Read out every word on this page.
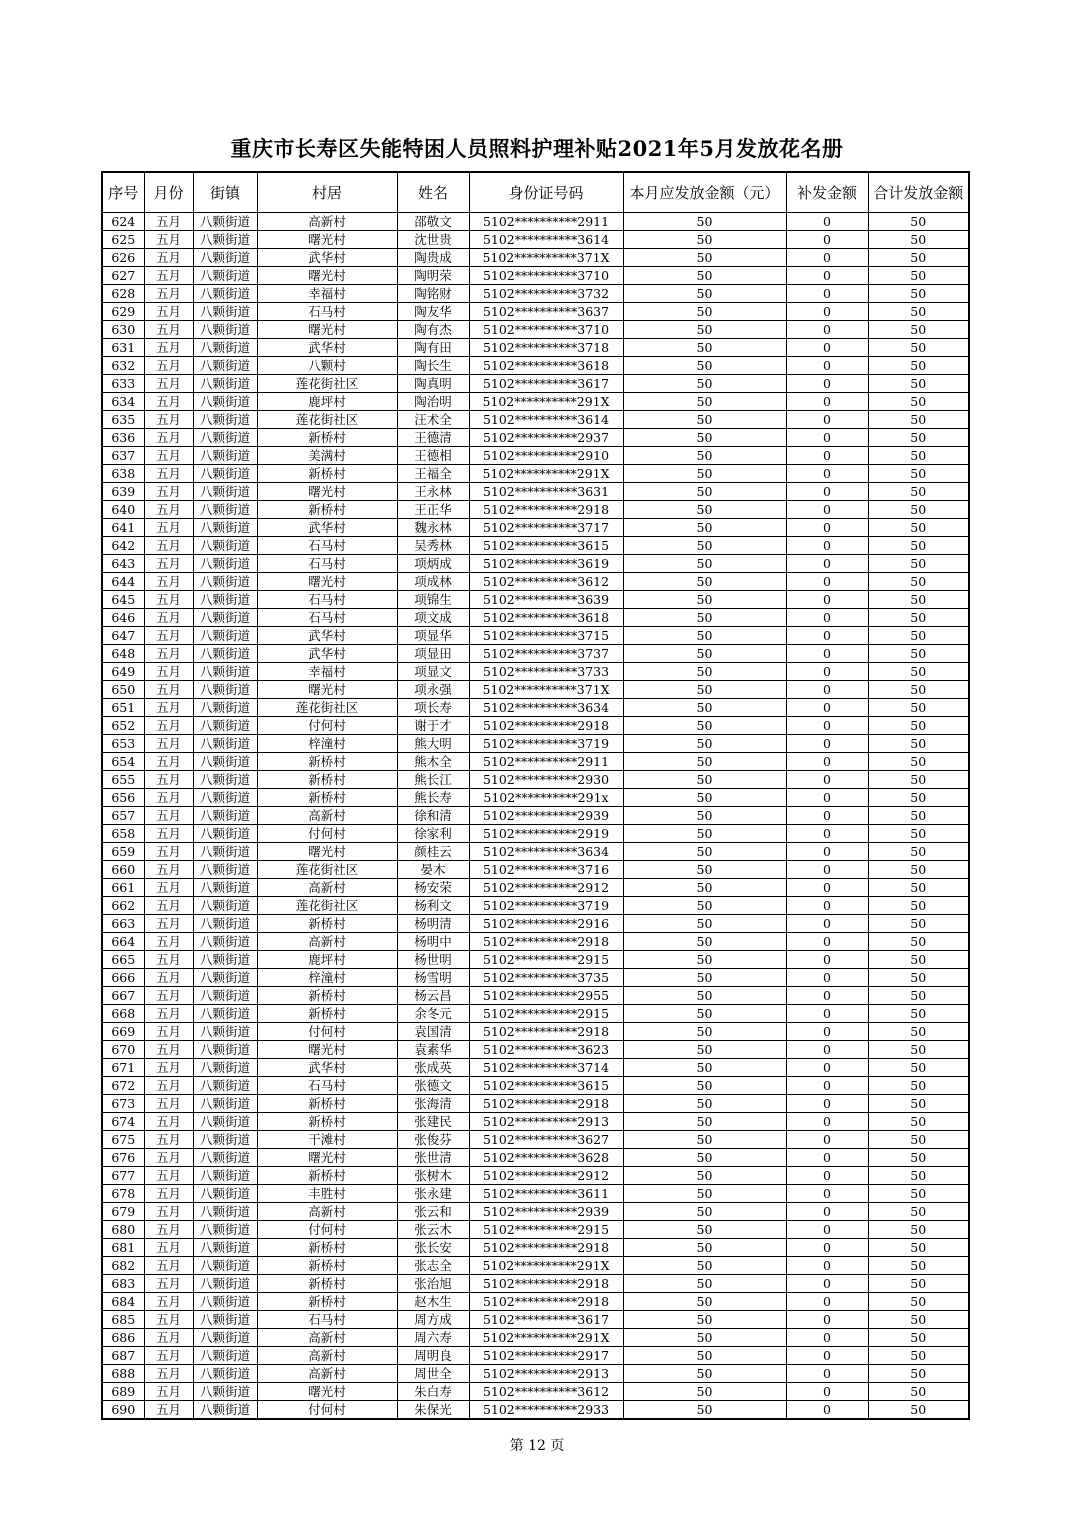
重庆市长寿区失能特困人员照料护理补贴2021年5月发放花名册
序号	月份	街镇	村居	姓名	身份证号码	本月应发放金额（元）	补发金额	合计发放金额
624	五月	八颗街道	高新村	邵敬文	5102**********2911	50	0	50
625	五月	八颗街道	曙光村	沈世贵	5102**********3614	50	0	50
626	五月	八颗街道	武华村	陶贵成	5102**********371X	50	0	50
627	五月	八颗街道	曙光村	陶明荣	5102**********3710	50	0	50
628	五月	八颗街道	幸福村	陶铭财	5102**********3732	50	0	50
629	五月	八颗街道	石马村	陶友华	5102**********3637	50	0	50
630	五月	八颗街道	曙光村	陶有杰	5102**********3710	50	0	50
631	五月	八颗街道	武华村	陶有田	5102**********3718	50	0	50
632	五月	八颗街道	八颗村	陶长生	5102**********3618	50	0	50
633	五月	八颗街道	莲花街社区	陶真明	5102**********3617	50	0	50
634	五月	八颗街道	鹿坪村	陶治明	5102**********291X	50	0	50
635	五月	八颗街道	莲花街社区	汪术全	5102**********3614	50	0	50
636	五月	八颗街道	新桥村	王德清	5102**********2937	50	0	50
637	五月	八颗街道	美满村	王德相	5102**********2910	50	0	50
638	五月	八颗街道	新桥村	王福全	5102**********291X	50	0	50
639	五月	八颗街道	曙光村	王永林	5102**********3631	50	0	50
640	五月	八颗街道	新桥村	王正华	5102**********2918	50	0	50
641	五月	八颗街道	武华村	魏永林	5102**********3717	50	0	50
642	五月	八颗街道	石马村	吴秀林	5102**********3615	50	0	50
643	五月	八颗街道	石马村	项炳成	5102**********3619	50	0	50
644	五月	八颗街道	曙光村	项成林	5102**********3612	50	0	50
645	五月	八颗街道	石马村	项锦生	5102**********3639	50	0	50
646	五月	八颗街道	石马村	项文成	5102**********3618	50	0	50
647	五月	八颗街道	武华村	项显华	5102**********3715	50	0	50
648	五月	八颗街道	武华村	项显田	5102**********3737	50	0	50
649	五月	八颗街道	幸福村	项显文	5102**********3733	50	0	50
650	五月	八颗街道	曙光村	项永强	5102**********371X	50	0	50
651	五月	八颗街道	莲花街社区	项长寿	5102**********3634	50	0	50
652	五月	八颗街道	付何村	谢于才	5102**********2918	50	0	50
653	五月	八颗街道	梓潼村	熊大明	5102**********3719	50	0	50
654	五月	八颗街道	新桥村	熊木全	5102**********2911	50	0	50
655	五月	八颗街道	新桥村	熊长江	5102**********2930	50	0	50
656	五月	八颗街道	新桥村	熊长寿	5102**********291x	50	0	50
657	五月	八颗街道	高新村	徐和清	5102**********2939	50	0	50
658	五月	八颗街道	付何村	徐家利	5102**********2919	50	0	50
659	五月	八颗街道	曙光村	颜桂云	5102**********3634	50	0	50
660	五月	八颗街道	莲花街社区	晏木	5102**********3716	50	0	50
661	五月	八颗街道	高新村	杨安荣	5102**********2912	50	0	50
662	五月	八颗街道	莲花街社区	杨利文	5102**********3719	50	0	50
663	五月	八颗街道	新桥村	杨明清	5102**********2916	50	0	50
664	五月	八颗街道	高新村	杨明中	5102**********2918	50	0	50
665	五月	八颗街道	鹿坪村	杨世明	5102**********2915	50	0	50
666	五月	八颗街道	梓潼村	杨雪明	5102**********3735	50	0	50
667	五月	八颗街道	新桥村	杨云昌	5102**********2955	50	0	50
668	五月	八颗街道	新桥村	余冬元	5102**********2915	50	0	50
669	五月	八颗街道	付何村	袁国清	5102**********2918	50	0	50
670	五月	八颗街道	曙光村	袁素华	5102**********3623	50	0	50
671	五月	八颗街道	武华村	张成英	5102**********3714	50	0	50
672	五月	八颗街道	石马村	张德文	5102**********3615	50	0	50
673	五月	八颗街道	新桥村	张海清	5102**********2918	50	0	50
674	五月	八颗街道	新桥村	张建民	5102**********2913	50	0	50
675	五月	八颗街道	干滩村	张俊芬	5102**********3627	50	0	50
676	五月	八颗街道	曙光村	张世清	5102**********3628	50	0	50
677	五月	八颗街道	新桥村	张树木	5102**********2912	50	0	50
678	五月	八颗街道	丰胜村	张永建	5102**********3611	50	0	50
679	五月	八颗街道	高新村	张云和	5102**********2939	50	0	50
680	五月	八颗街道	付何村	张云木	5102**********2915	50	0	50
681	五月	八颗街道	新桥村	张长安	5102**********2918	50	0	50
682	五月	八颗街道	新桥村	张志全	5102**********291X	50	0	50
683	五月	八颗街道	新桥村	张治旭	5102**********2918	50	0	50
684	五月	八颗街道	新桥村	赵木生	5102**********2918	50	0	50
685	五月	八颗街道	石马村	周方成	5102**********3617	50	0	50
686	五月	八颗街道	高新村	周六寿	5102**********291X	50	0	50
687	五月	八颗街道	高新村	周明良	5102**********2917	50	0	50
688	五月	八颗街道	高新村	周世全	5102**********2913	50	0	50
689	五月	八颗街道	曙光村	朱白寿	5102**********3612	50	0	50
690	五月	八颗街道	付何村	朱保光	5102**********2933	50	0	50
第 12 页
